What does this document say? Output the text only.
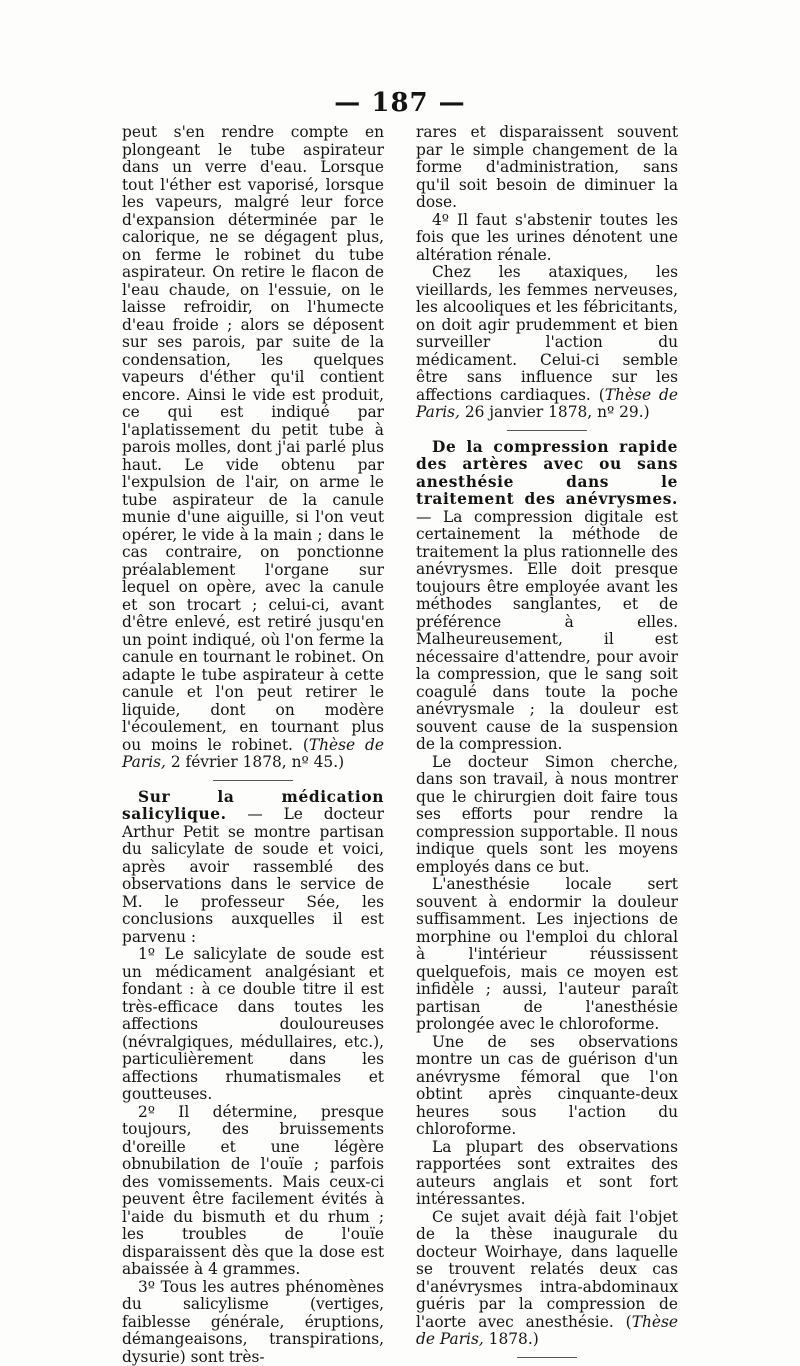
— 187 —

peut s'en rendre compte en plongeant le tube aspirateur dans un verre d'eau. Lorsque tout l'éther est vaporisé, lorsque les vapeurs, malgré leur force d'expansion déterminée par le calorique, ne se dégagent plus, on ferme le robinet du tube aspirateur. On retire le flacon de l'eau chaude, on l'essuie, on le laisse refroidir, on l'humecte d'eau froide ; alors se déposent sur ses parois, par suite de la condensation, les quelques vapeurs d'éther qu'il contient encore. Ainsi le vide est produit, ce qui est indiqué par l'aplatissement du petit tube à parois molles, dont j'ai parlé plus haut. Le vide obtenu par l'expulsion de l'air, on arme le tube aspirateur de la canule munie d'une aiguille, si l'on veut opérer, le vide à la main ; dans le cas contraire, on ponctionne préalablement l'organe sur lequel on opère, avec la canule et son trocart ; celui-ci, avant d'être enlevé, est retiré jusqu'en un point indiqué, où l'on ferme la canule en tournant le robinet. On adapte le tube aspirateur à cette canule et l'on peut retirer le liquide, dont on modère l'écoulement, en tournant plus ou moins le robinet. (Thèse de Paris, 2 février 1878, nº 45.)

Sur la médication salicylique. — Le docteur Arthur Petit se montre partisan du salicylate de soude et voici, après avoir rassemblé des observations dans le service de M. le professeur Sée, les conclusions auxquelles il est parvenu :

1º Le salicylate de soude est un médicament analgésiant et fondant : à ce double titre il est très-efficace dans toutes les affections douloureuses (névralgiques, médullaires, etc.), particulièrement dans les affections rhumatismales et goutteuses.

2º Il détermine, presque toujours, des bruissements d'oreille et une légère obnubilation de l'ouïe ; parfois des vomissements. Mais ceux-ci peuvent être facilement évités à l'aide du bismuth et du rhum ; les troubles de l'ouïe disparaissent dès que la dose est abaissée à 4 grammes.

3º Tous les autres phénomènes du salicylisme (vertiges, faiblesse générale, éruptions, démangeaisons, transpirations, dysurie) sont très-

rares et disparaissent souvent par le simple changement de la forme d'administration, sans qu'il soit besoin de diminuer la dose.

4º Il faut s'abstenir toutes les fois que les urines dénotent une altération rénale.

Chez les ataxiques, les vieillards, les femmes nerveuses, les alcooliques et les fébricitants, on doit agir prudemment et bien surveiller l'action du médicament. Celui-ci semble être sans influence sur les affections cardiaques. (Thèse de Paris, 26 janvier 1878, nº 29.)

De la compression rapide des artères avec ou sans anesthésie dans le traitement des anévrysmes. — La compression digitale est certainement la méthode de traitement la plus rationnelle des anévrysmes. Elle doit presque toujours être employée avant les méthodes sanglantes, et de préférence à elles. Malheureusement, il est nécessaire d'attendre, pour avoir la compression, que le sang soit coagulé dans toute la poche anévrysmale ; la douleur est souvent cause de la suspension de la compression.

Le docteur Simon cherche, dans son travail, à nous montrer que le chirurgien doit faire tous ses efforts pour rendre la compression supportable. Il nous indique quels sont les moyens employés dans ce but.

L'anesthésie locale sert souvent à endormir la douleur suffisamment. Les injections de morphine ou l'emploi du chloral à l'intérieur réussissent quelquefois, mais ce moyen est infidèle ; aussi, l'auteur paraît partisan de l'anesthésie prolongée avec le chloroforme.

Une de ses observations montre un cas de guérison d'un anévrysme fémoral que l'on obtint après cinquante-deux heures sous l'action du chloroforme.

La plupart des observations rapportées sont extraites des auteurs anglais et sont fort intéressantes.

Ce sujet avait déjà fait l'objet de la thèse inaugurale du docteur Woirhaye, dans laquelle se trouvent relatés deux cas d'anévrysmes intra-abdominaux guéris par la compression de l'aorte avec anesthésie. (Thèse de Paris, 1878.)
